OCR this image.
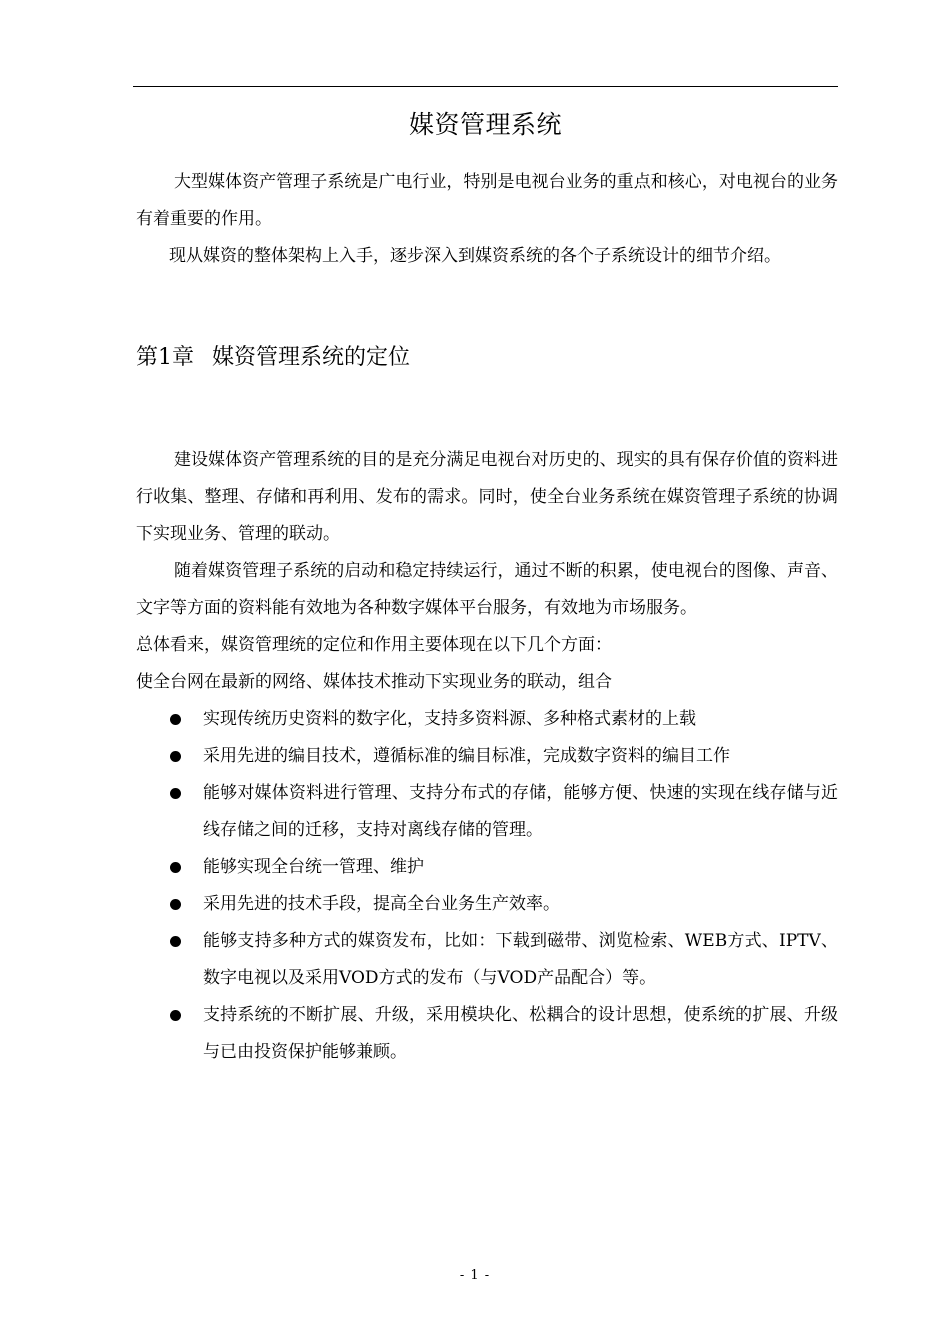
媒资管理系统

大型媒体资产管理子系统是广电行业，特别是电视台业务的重点和核心，对电视台的业务有着重要的作用。

现从媒资的整体架构上入手，逐步深入到媒资系统的各个子系统设计的细节介绍。

第1章 媒资管理系统的定位

建设媒体资产管理系统的目的是充分满足电视台对历史的、现实的具有保存价值的资料进行收集、整理、存储和再利用、发布的需求。同时，使全台业务系统在媒资管理子系统的协调下实现业务、管理的联动。

随着媒资管理子系统的启动和稳定持续运行，通过不断的积累，使电视台的图像、声音、文字等方面的资料能有效地为各种数字媒体平台服务，有效地为市场服务。

总体看来，媒资管理统的定位和作用主要体现在以下几个方面：

使全台网在最新的网络、媒体技术推动下实现业务的联动，组合

实现传统历史资料的数字化，支持多资料源、多种格式素材的上载
采用先进的编目技术，遵循标准的编目标准，完成数字资料的编目工作
能够对媒体资料进行管理、支持分布式的存储，能够方便、快速的实现在线存储与近线存储之间的迁移，支持对离线存储的管理。
能够实现全台统一管理、维护
采用先进的技术手段，提高全台业务生产效率。
能够支持多种方式的媒资发布，比如：下载到磁带、浏览检索、WEB方式、IPTV、数字电视以及采用VOD方式的发布（与VOD产品配合）等。
支持系统的不断扩展、升级，采用模块化、松耦合的设计思想，使系统的扩展、升级与已由投资保护能够兼顾。
- 1 -
